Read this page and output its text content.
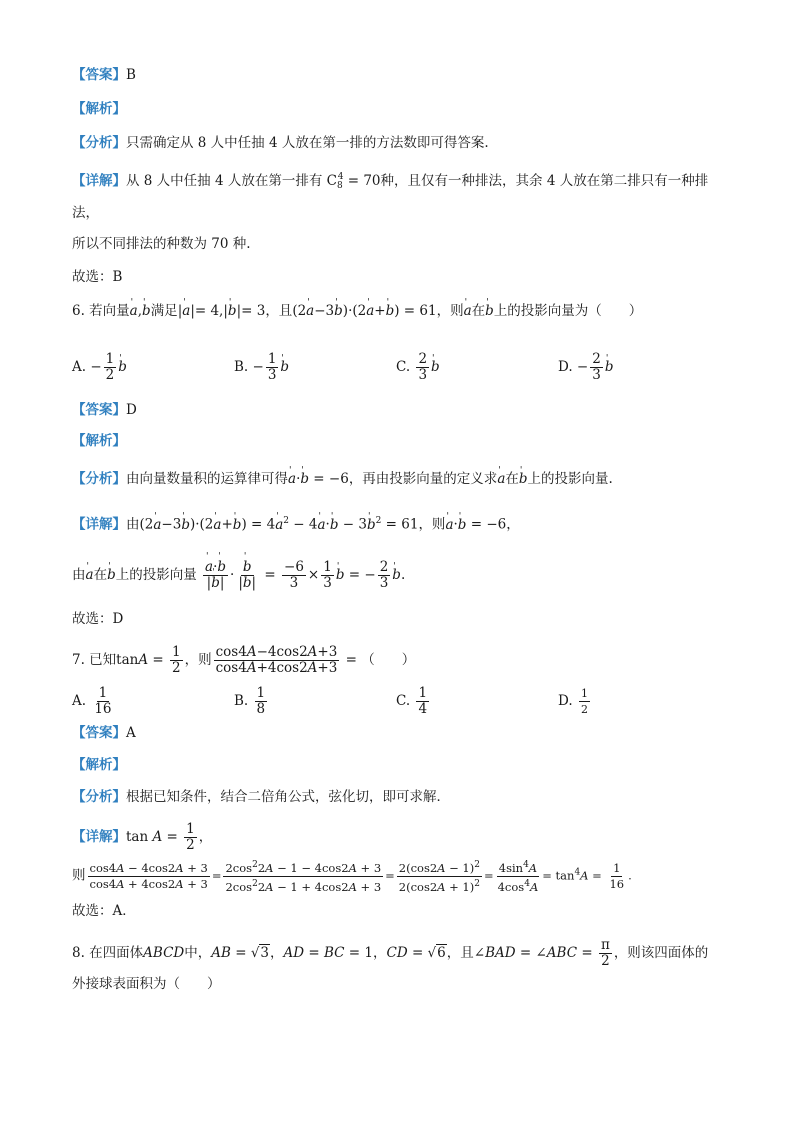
【答案】B
【解析】
【分析】只需确定从 8 人中任抽 4 人放在第一排的方法数即可得答案.
【详解】从 8 人中任抽 4 人放在第一排有 $C_8^4 = 70$种，且仅有一种排法，其余 4 人放在第二排只有一种排
法，
所以不同排法的种数为 70 种.
故选：B
6. 若向量' a,' b满足|' a|= 4,|' b|= 3，且(2' a−3' b)·(2' a+' b) = 61，则' a在' b上的投影向量为（　　）
A. − $\frac{1}{2}$ ' b	B. − $\frac{1}{3}$ ' b	C. $\frac{2}{3}$ ' b	D. − $\frac{2}{3}$ ' b
【答案】D
【解析】
【分析】由向量数量积的运算律可得' a·' b = −6，再由投影向量的定义求' a在' b上的投影向量.
【详解】由(2' a−3' b)·(2' a+' b) = 4' $a^2 - 4'$ a·' b − 3' $b^2 = 61$，则' a·' b = −6，
由' a在' b上的投影向量 ' $\frac{a\cdot' b}{|' b|}$ · ' $\frac{b}{|' b|} = \frac{-6}{3} \times \frac{1}{3}$ ' b = − $\frac{2}{3}$ ' b.
故选：D
7. 已知$\tan A = \frac{1}{2}$ ，则 $\frac{\cos 4A-4\cos 2A+3}{\cos 4A+4\cos 2A+3}$ = （　　）
A. $\frac{1}{16}$	B. $\frac{1}{8}$	C. $\frac{1}{4}$	D. $\frac{1}{2}$
【答案】A
【解析】
【分析】根据已知条件，结合二倍角公式，弦化切，即可求解．
【详解】$\tan A = \frac{1}{2}$ ，
则 $\frac{\cos 4A - 4\cos 2A + 3}{\cos 4A + 4\cos 2A + 3} = \frac{2\cos^22A - 1 - 4\cos 2A + 3}{2\cos^22A - 1 + 4\cos 2A + 3} = \frac{2(\cos 2A - 1)^2}{2(\cos 2A + 1)^2} = \frac{4\sin^4A}{4\cos^4A} = \tan^4A = \frac{1}{16}$ .
故选：A．
8. 在四面体ABCD中，AB = √3，AD = BC = 1，CD = √6，且∠BAD = ∠ABC = $\frac{\pi}{2}$ ，则该四面体的
外接球表面积为（　　）
